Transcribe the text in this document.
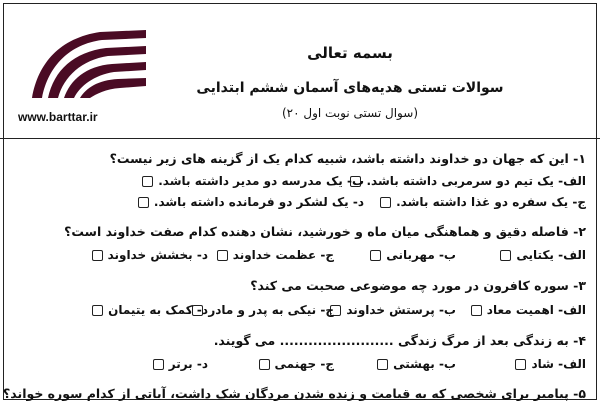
www.barttar.ir
بسمه تعالی
سوالات تستی هدیه‌های آسمان ششم ابتدایی
(۲۰ سوال تستی نوبت اول)
۱- این که جهان دو خداوند داشته باشد، شبیه کدام یک از گزینه های زیر نیست؟
الف- یک تیم دو سرمربی داشته باشد.
ب- یک مدرسه دو مدیر داشته باشد.
ج- یک سفره دو غذا داشته باشد.
د- یک لشکر دو فرمانده داشته باشد.
۲- فاصله دقیق و هماهنگی میان ماه و خورشید، نشان دهنده کدام صفت خداوند است؟
الف- یکتایی
ب- مهربانی
ج- عظمت خداوند
د- بخشش خداوند
۳- سوره کافرون در مورد چه موضوعی صحبت می کند؟
الف- اهمیت معاد
ب- پرستش خداوند
ج- نیکی به پدر و مادر
د- کمک به یتیمان
۴- به زندگی بعد از مرگ زندگی ........................ می گویند.
الف- شاد
ب- بهشتی
ج- جهنمی
د- برتر
۵- پیامبر برای شخصی که به قیامت و زنده شدن مردگان شک داشت، آیاتی از کدام سوره خواند؟
